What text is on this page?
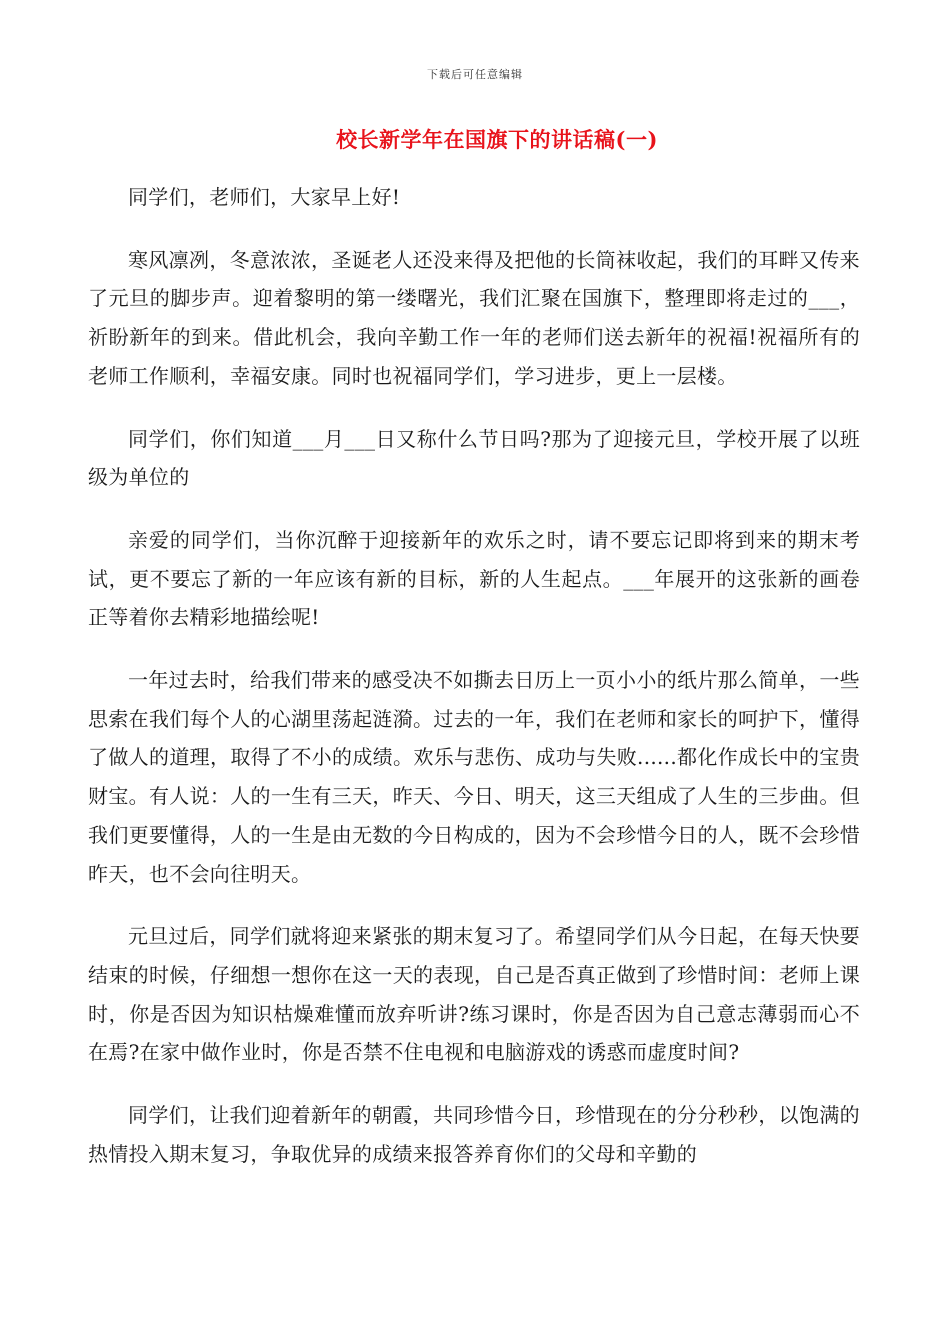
下载后可任意编辑
校长新学年在国旗下的讲话稿(一)

同学们，老师们，大家早上好!

寒风凛冽，冬意浓浓，圣诞老人还没来得及把他的长筒袜收起，我们的耳畔又传来了元旦的脚步声。迎着黎明的第一缕曙光，我们汇聚在国旗下，整理即将走过的___，祈盼新年的到来。借此机会，我向辛勤工作一年的老师们送去新年的祝福!祝福所有的老师工作顺利，幸福安康。同时也祝福同学们，学习进步，更上一层楼。

同学们，你们知道___月___日又称什么节日吗?那为了迎接元旦，学校开展了以班级为单位的

亲爱的同学们，当你沉醉于迎接新年的欢乐之时，请不要忘记即将到来的期末考试，更不要忘了新的一年应该有新的目标，新的人生起点。___年展开的这张新的画卷正等着你去精彩地描绘呢!

一年过去时，给我们带来的感受决不如撕去日历上一页小小的纸片那么简单，一些思索在我们每个人的心湖里荡起涟漪。过去的一年，我们在老师和家长的呵护下，懂得了做人的道理，取得了不小的成绩。欢乐与悲伤、成功与失败......都化作成长中的宝贵财宝。有人说：人的一生有三天，昨天、今日、明天，这三天组成了人生的三步曲。但我们更要懂得，人的一生是由无数的今日构成的，因为不会珍惜今日的人，既不会珍惜昨天，也不会向往明天。

元旦过后，同学们就将迎来紧张的期末复习了。希望同学们从今日起，在每天快要结束的时候，仔细想一想你在这一天的表现，自己是否真正做到了珍惜时间：老师上课时，你是否因为知识枯燥难懂而放弃听讲?练习课时，你是否因为自己意志薄弱而心不在焉?在家中做作业时，你是否禁不住电视和电脑游戏的诱惑而虚度时间?

同学们，让我们迎着新年的朝霞，共同珍惜今日，珍惜现在的分分秒秒，以饱满的热情投入期末复习，争取优异的成绩来报答养育你们的父母和辛勤的
